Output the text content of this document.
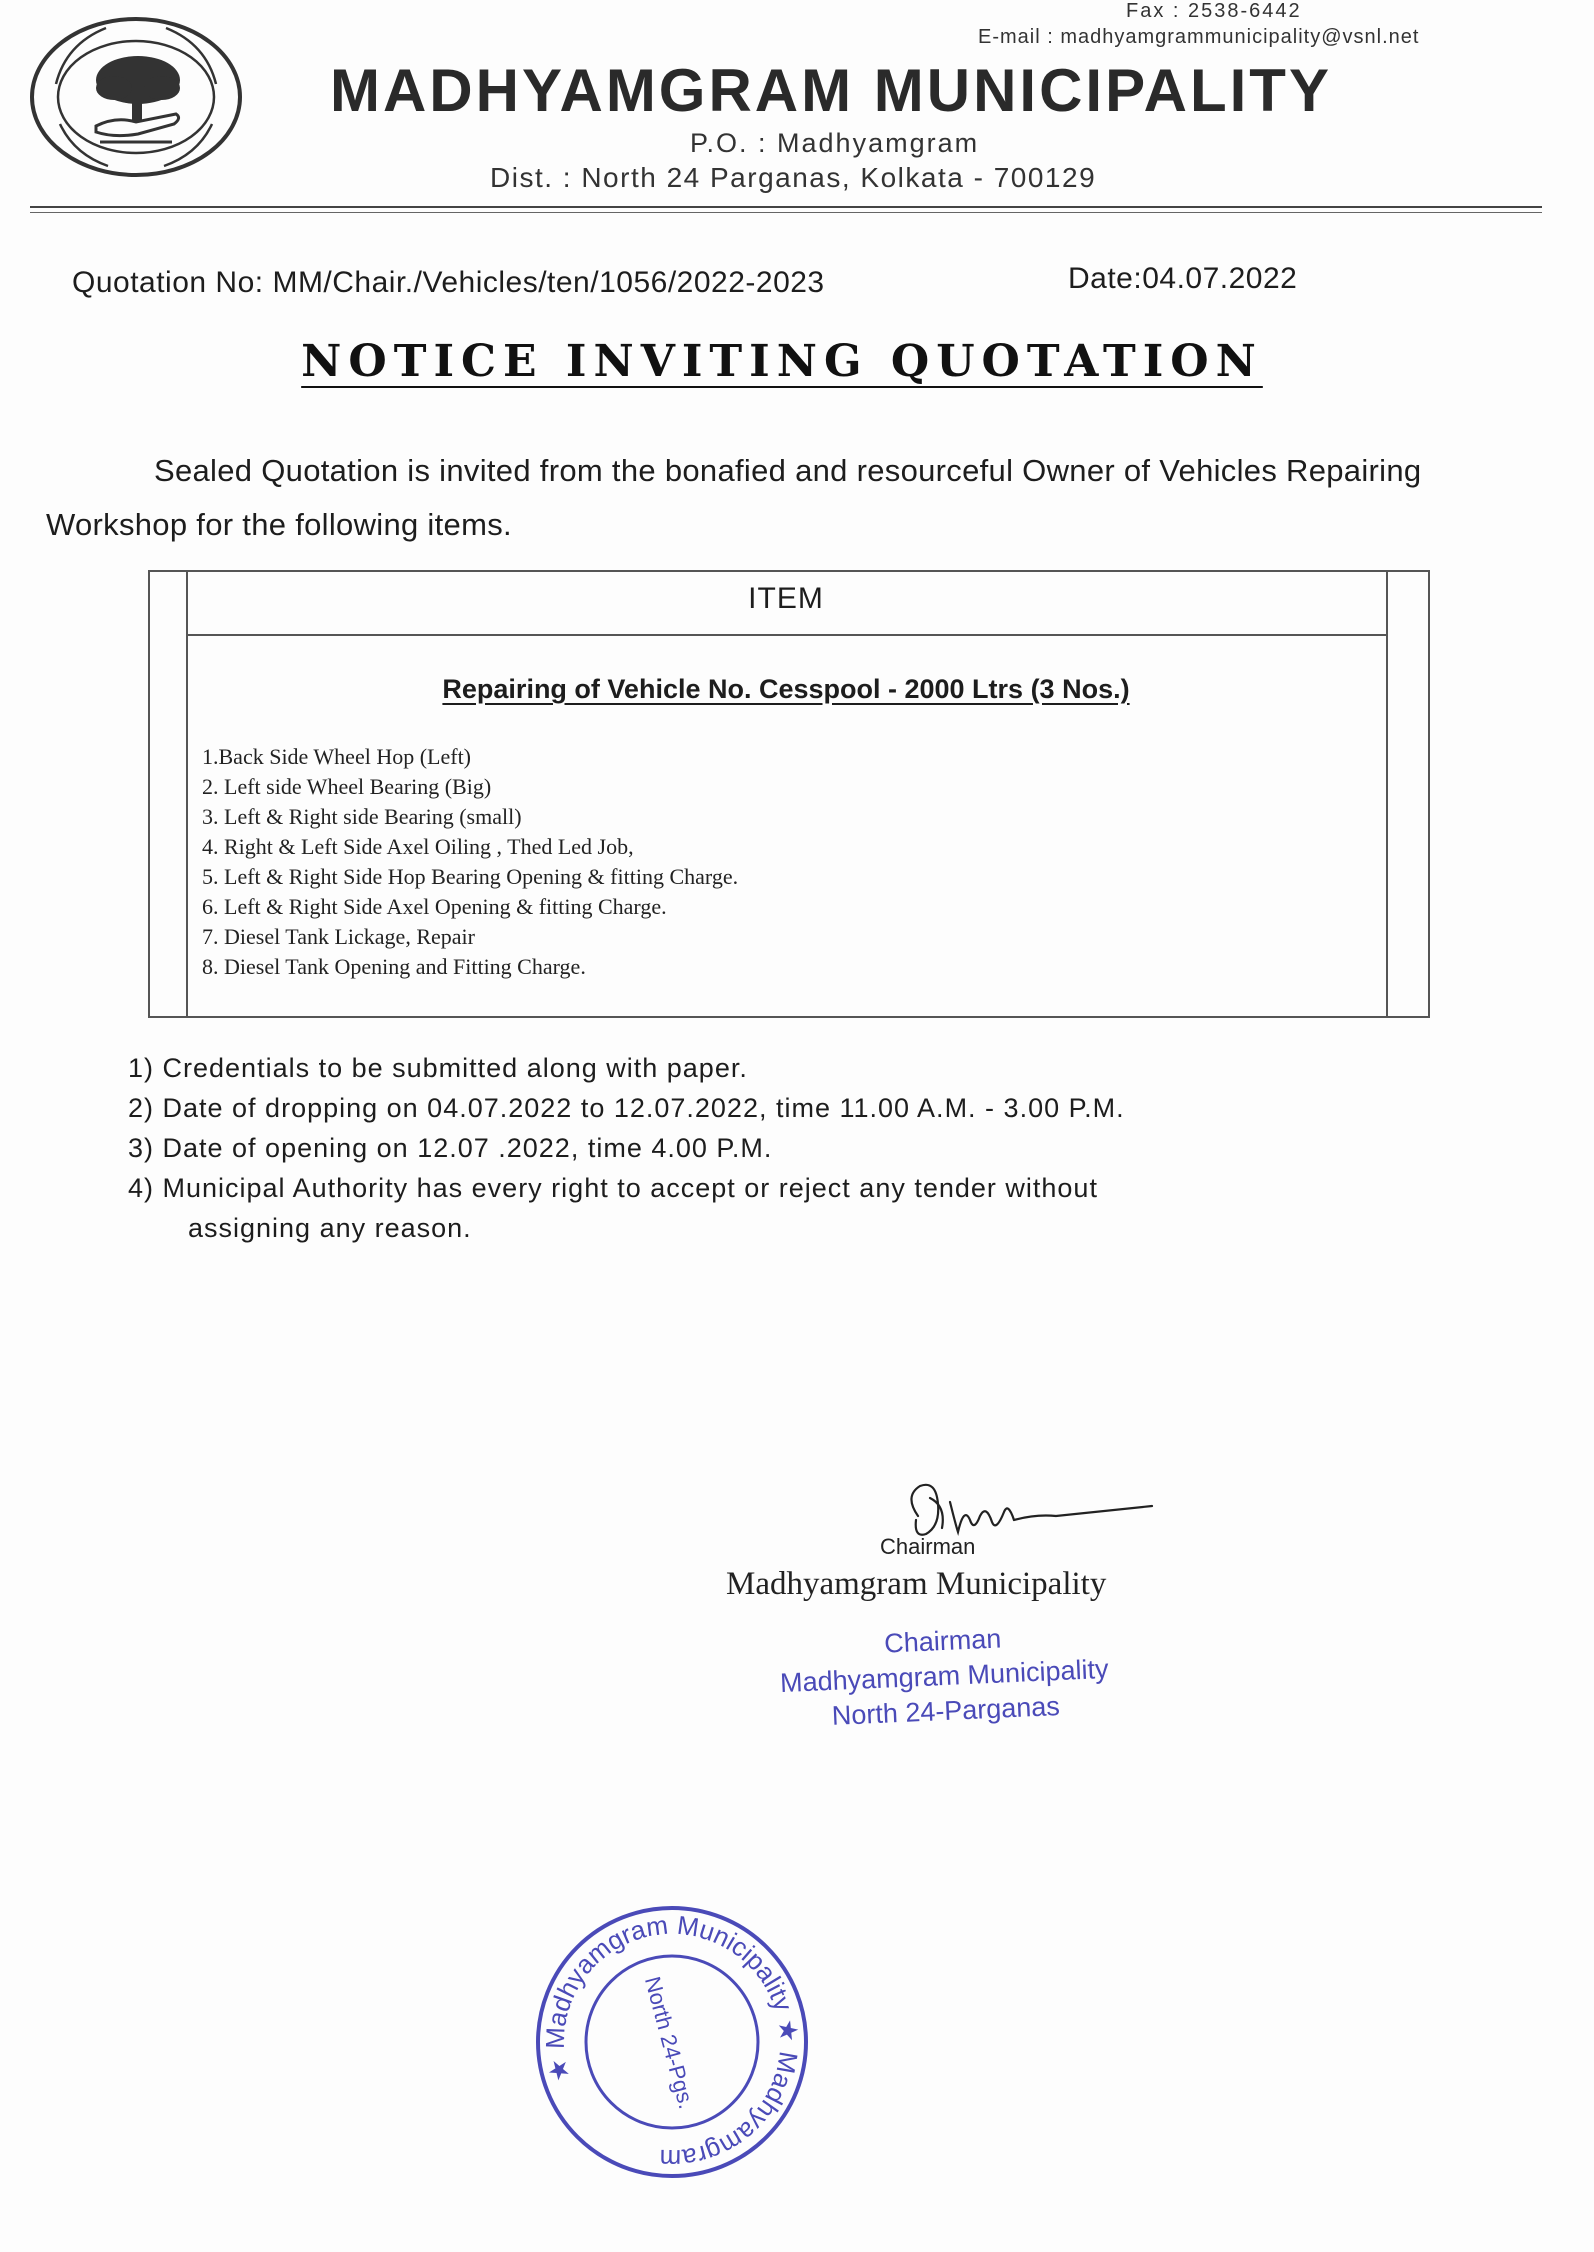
Fax : 2538-6442
E-mail : madhyamgrammunicipality@vsnl.net
MADHYAMGRAM MUNICIPALITY
P.O. : Madhyamgram
Dist. : North 24 Parganas, Kolkata - 700129
Quotation No: MM/Chair./Vehicles/ten/1056/2022-2023	Date:04.07.2022
NOTICE INVITING QUOTATION
Sealed Quotation is invited from the bonafied and resourceful Owner of Vehicles Repairing Workshop for the following items.
ITEM
Repairing of Vehicle No. Cesspool - 2000 Ltrs (3 Nos.)
1.Back Side Wheel Hop (Left)
2. Left side Wheel Bearing (Big)
3. Left & Right side Bearing (small)
4. Right & Left Side Axel Oiling , Thed Led Job,
5. Left & Right Side Hop Bearing Opening & fitting Charge.
6. Left & Right Side Axel Opening & fitting Charge.
7. Diesel Tank Lickage, Repair
8. Diesel Tank Opening and Fitting Charge.
1) Credentials to be submitted along with paper.
2) Date of dropping on 04.07.2022 to 12.07.2022, time 11.00 A.M. - 3.00 P.M.
3) Date of opening on 12.07 .2022, time 4.00 P.M.
4) Municipal Authority has every right to accept or reject any tender without
assigning any reason.
Chairman
Madhyamgram Municipality
Chairman
Madhyamgram Municipality
North 24-Parganas
★ Madhyamgram Municipality ★ Madhyamgram
North 24-Pgs.
